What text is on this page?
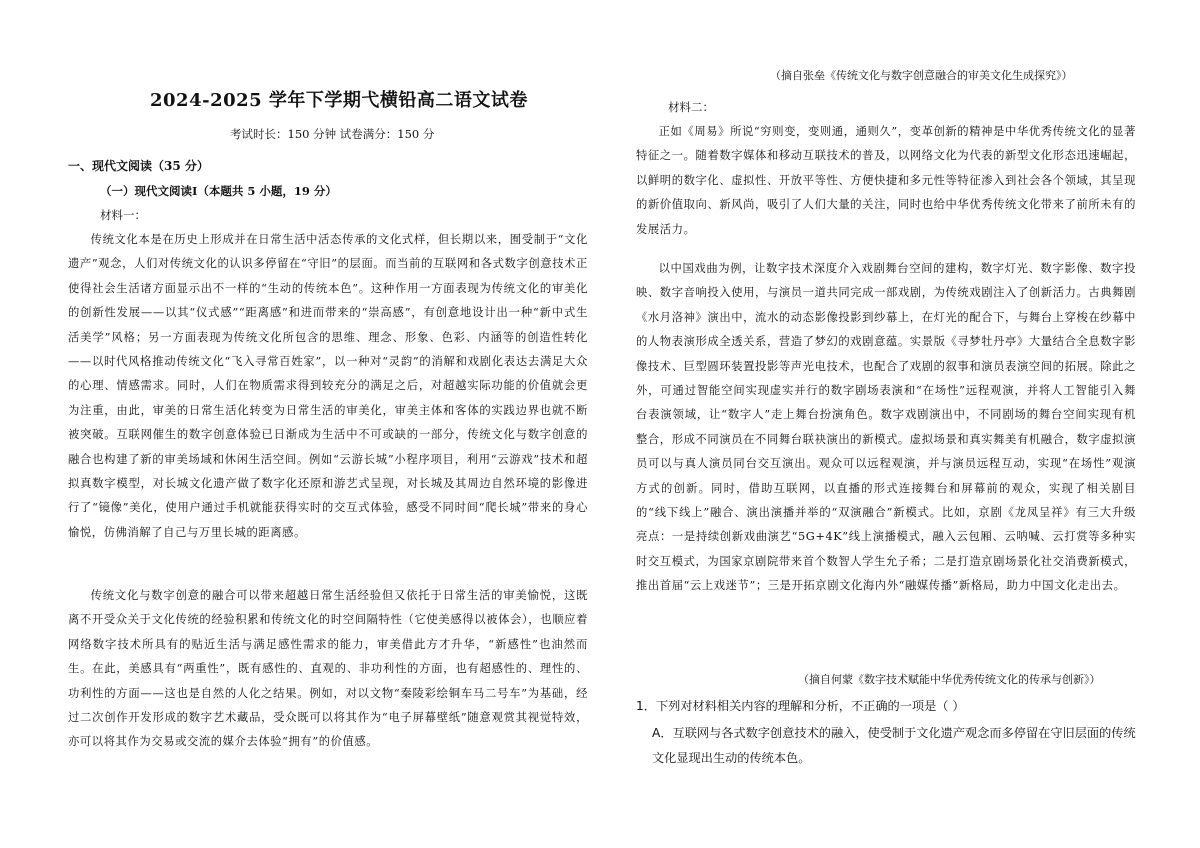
2024-2025 学年下学期弋横铅高二语文试卷
考试时长：150 分钟 试卷满分：150 分
一、现代文阅读（35 分）
（一）现代文阅读Ⅰ（本题共 5 小题，19 分）
材料一：

传统文化本是在历史上形成并在日常生活中活态传承的文化式样，但长期以来，囿受制于“文化遗产”观念，人们对传统文化的认识多停留在“守旧”的层面。而当前的互联网和各式数字创意技术正使得社会生活诸方面显示出不一样的“生动的传统本色”。这种作用一方面表现为传统文化的审美化的创新性发展——以其“仪式感”“距离感”和进而带来的“崇高感”，有创意地设计出一种“新中式生活美学”风格；另一方面表现为传统文化所包含的思维、理念、形象、色彩、内涵等的创造性转化——以时代风格推动传统文化“飞入寻常百姓家”，以一种对“灵韵”的消解和戏剧化表达去满足大众的心理、情感需求。同时，人们在物质需求得到较充分的满足之后，对超越实际功能的价值就会更为注重，由此，审美的日常生活化转变为日常生活的审美化，审美主体和客体的实践边界也就不断被突破。互联网催生的数字创意体验已日渐成为生活中不可或缺的一部分，传统文化与数字创意的融合也构建了新的审美场域和休闲生活空间。例如“云游长城”小程序项目，利用“云游戏”技术和超拟真数字模型，对长城文化遗产做了数字化还原和游艺式呈现，对长城及其周边自然环境的影像进行了“镜像”美化，使用户通过手机就能获得实时的交互式体验，感受不同时间“爬长城”带来的身心愉悦，仿佛消解了自己与万里长城的距离感。

传统文化与数字创意的融合可以带来超越日常生活经验但又依托于日常生活的审美愉悦，这既离不开受众关于文化传统的经验积累和传统文化的时空间隔特性（它使美感得以被体会），也顺应着网络数字技术所具有的贴近生活与满足感性需求的能力，审美借此方才升华，“新感性”也油然而生。在此，美感具有“两重性”，既有感性的、直观的、非功利性的方面，也有超感性的、理性的、功利性的方面——这也是自然的人化之结果。例如，对以文物“秦陵彩绘铜车马二号车”为基础，经过二次创作开发形成的数字艺术藏品，受众既可以将其作为“电子屏幕壁纸”随意观赏其视觉特效，亦可以将其作为交易或交流的媒介去体验“拥有”的价值感。

（摘自张垒《传统文化与数字创意融合的审美文化生成探究》）
材料二：

正如《周易》所说“穷则变，变则通，通则久”，变革创新的精神是中华优秀传统文化的显著特征之一。随着数字媒体和移动互联技术的普及，以网络文化为代表的新型文化形态迅速崛起，以鲜明的数字化、虚拟性、开放平等性、方便快捷和多元性等特征渗入到社会各个领域，其呈现的新价值取向、新风尚，吸引了人们大量的关注，同时也给中华优秀传统文化带来了前所未有的发展活力。

以中国戏曲为例，让数字技术深度介入戏剧舞台空间的建构，数字灯光、数字影像、数字投映、数字音响投入使用，与演员一道共同完成一部戏剧，为传统戏剧注入了创新活力。古典舞剧《水月洛神》演出中，流水的动态影像投影到纱幕上，在灯光的配合下，与舞台上穿梭在纱幕中的人物表演形成全透关系，营造了梦幻的戏剧意蕴。实景版《寻梦牡丹亭》大量结合全息数字影像技术、巨型圆环装置投影等声光电技术，也配合了戏剧的叙事和演员表演空间的拓展。除此之外，可通过智能空间实现虚实并行的数字剧场表演和“在场性”远程观演，并将人工智能引入舞台表演领域，让“数字人”走上舞台扮演角色。数字戏剧演出中，不同剧场的舞台空间实现有机整合，形成不同演员在不同舞台联袂演出的新模式。虚拟场景和真实舞美有机融合，数字虚拟演员可以与真人演员同台交互演出。观众可以远程观演，并与演员远程互动，实现“在场性”观演方式的创新。同时，借助互联网，以直播的形式连接舞台和屏幕前的观众，实现了相关剧目的“线下线上”融合、演出演播并举的“双演融合”新模式。比如，京剧《龙凤呈祥》有三大升级亮点：一是持续创新戏曲演艺“5G+4K”线上演播模式，融入云包厢、云呐喊、云打赏等多种实时交互模式，为国家京剧院带来首个数智人学生允子希；二是打造京剧场景化社交消费新模式，推出首届“云上戏迷节”；三是开拓京剧文化海内外“融媒传播”新格局，助力中国文化走出去。

（摘自何蒙《数字技术赋能中华优秀传统文化的传承与创新》）

1．下列对材料相关内容的理解和分析，不正确的一项是（ ）

A．互联网与各式数字创意技术的融入，使受制于文化遗产观念而多停留在守旧层面的传统文化显现出生动的传统本色。
